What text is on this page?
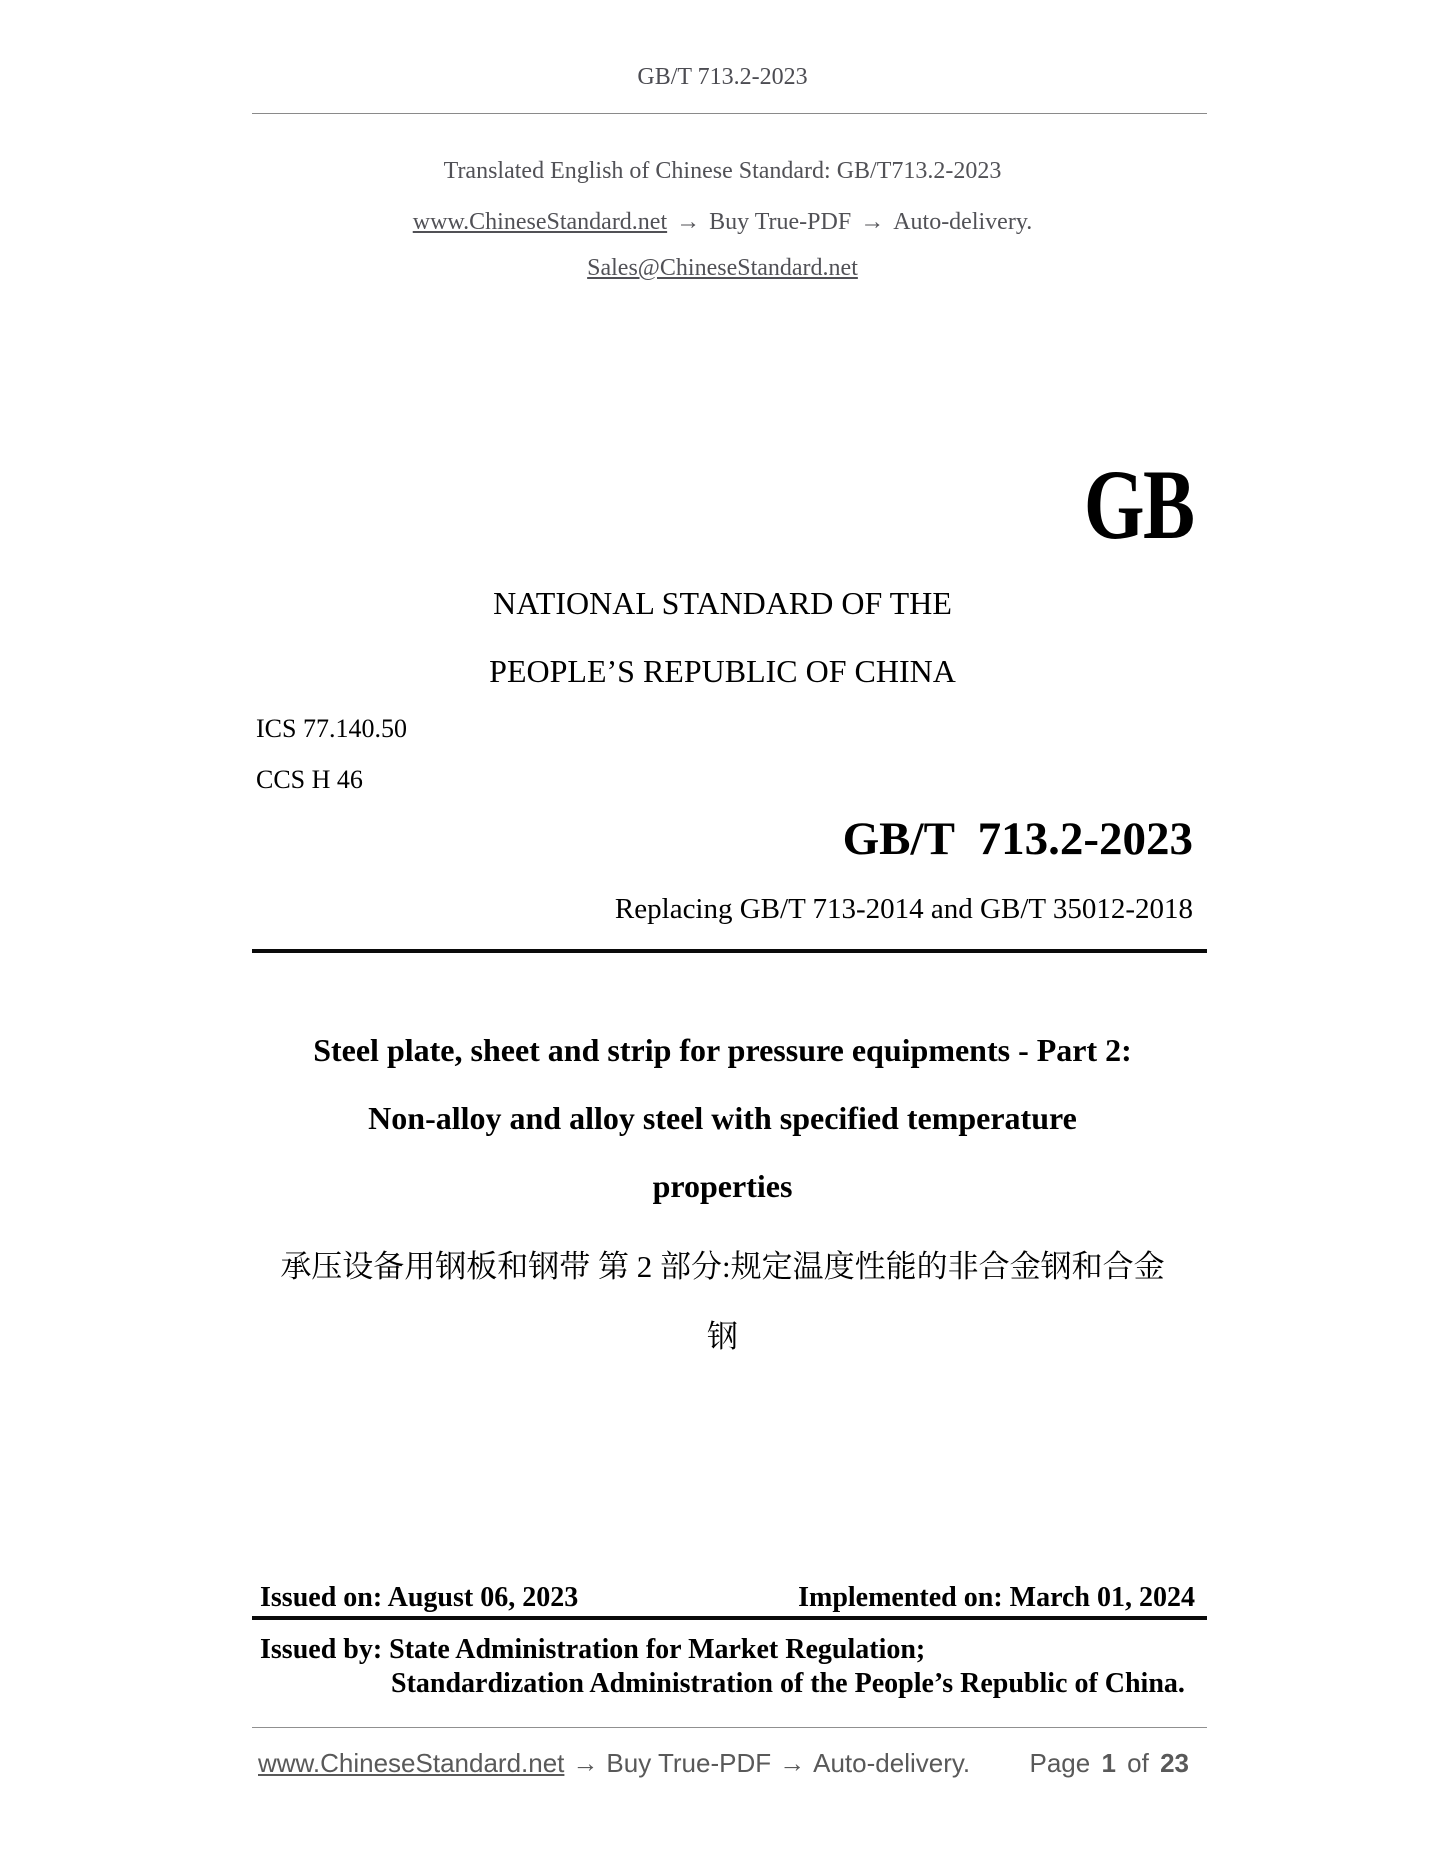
GB/T 713.2-2023
Translated English of Chinese Standard: GB/T713.2-2023
www.ChineseStandard.net → Buy True-PDF → Auto-delivery.
Sales@ChineseStandard.net
GB
NATIONAL STANDARD OF THE
PEOPLE’S REPUBLIC OF CHINA
ICS 77.140.50
CCS H 46
GB/T  713.2-2023
Replacing GB/T 713-2014 and GB/T 35012-2018
Steel plate, sheet and strip for pressure equipments - Part 2:
Non-alloy and alloy steel with specified temperature
properties
承压设备用钢板和钢带 第 2 部分:规定温度性能的非合金钢和合金
钢
Issued on: August 06, 2023	Implemented on: March 01, 2024
Issued by: State Administration for Market Regulation;
Standardization Administration of the People’s Republic of China.
www.ChineseStandard.net → Buy True-PDF → Auto-delivery. Page 1 of 23
